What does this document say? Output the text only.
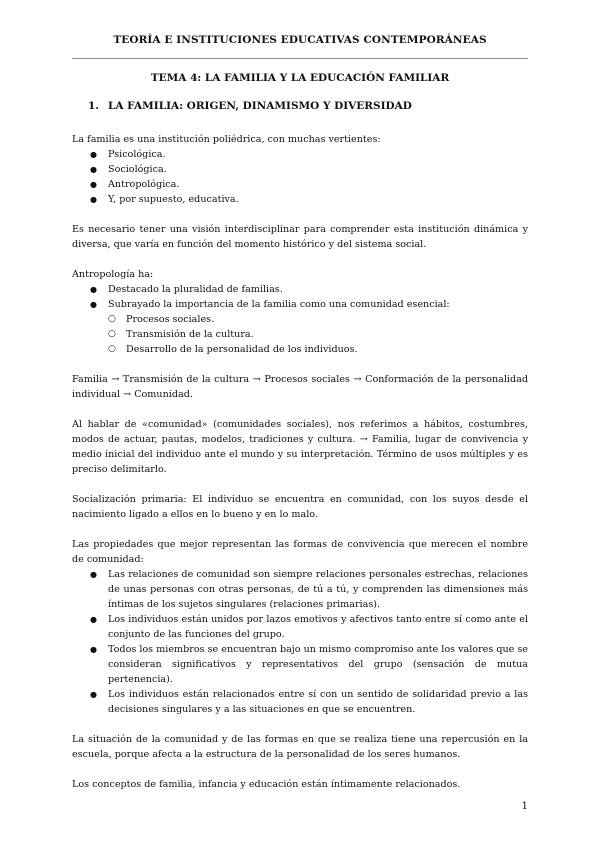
TEORÍA E INSTITUCIONES EDUCATIVAS CONTEMPORÁNEAS
TEMA 4: LA FAMILIA Y LA EDUCACIÓN FAMILIAR
1. LA FAMILIA: ORIGEN, DINAMISMO Y DIVERSIDAD

La familia es una institución poliédrica, con muchas vertientes:

● Psicológica.
● Sociológica.
● Antropológica.
● Y, por supuesto, educativa.

Es necesario tener una visión interdisciplinar para comprender esta institución dinámica y diversa, que varía en función del momento histórico y del sistema social.

Antropología ha:

● Destacado la pluralidad de familias.
● Subrayado la importancia de la familia como una comunidad esencial:
○ Procesos sociales.
○ Transmisión de la cultura.
○ Desarrollo de la personalidad de los individuos.

Familia → Transmisión de la cultura → Procesos sociales → Conformación de la personalidad individual → Comunidad.

Al hablar de «comunidad» (comunidades sociales), nos referimos a hábitos, costumbres, modos de actuar, pautas, modelos, tradiciones y cultura. → Familia, lugar de convivencia y medio inicial del individuo ante el mundo y su interpretación. Término de usos múltiples y es preciso delimitarlo.

Socialización primaria: El individuo se encuentra en comunidad, con los suyos desde el nacimiento ligado a ellos en lo bueno y en lo malo.

Las propiedades que mejor representan las formas de convivencia que merecen el nombre de comunidad:

● Las relaciones de comunidad son siempre relaciones personales estrechas, relaciones de unas personas con otras personas, de tú a tú, y comprenden las dimensiones más íntimas de los sujetos singulares (relaciones primarias).
● Los individuos están unidos por lazos emotivos y afectivos tanto entre sí como ante el conjunto de las funciones del grupo.
● Todos los miembros se encuentran bajo un mismo compromiso ante los valores que se consideran significativos y representativos del grupo (sensación de mutua pertenencia).
● Los individuos están relacionados entre sí con un sentido de solidaridad previo a las decisiones singulares y a las situaciones en que se encuentren.

La situación de la comunidad y de las formas en que se realiza tiene una repercusión en la escuela, porque afecta a la estructura de la personalidad de los seres humanos.

Los conceptos de familia, infancia y educación están íntimamente relacionados.

1
